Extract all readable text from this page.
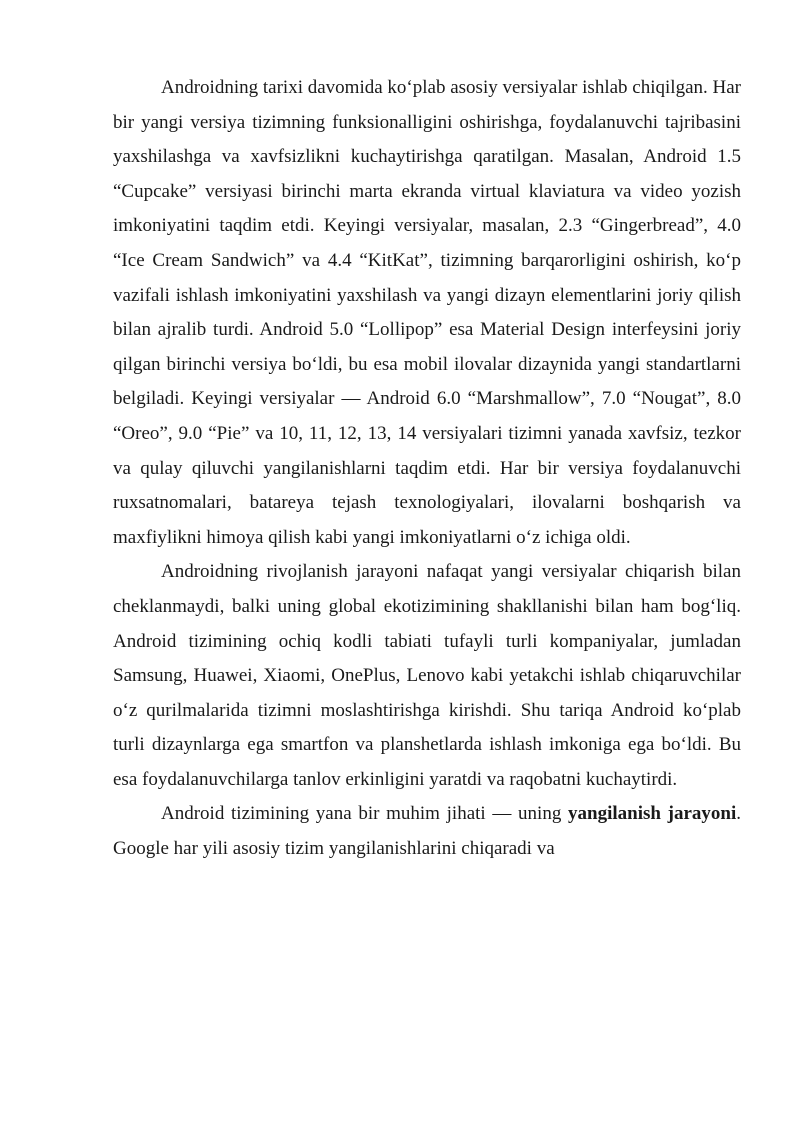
Androidning tarixi davomida ko‘plab asosiy versiyalar ishlab chiqilgan. Har bir yangi versiya tizimning funksionalligini oshirishga, foydalanuvchi tajribasini yaxshilashga va xavfsizlikni kuchaytirishga qaratilgan. Masalan, Android 1.5 “Cupcake” versiyasi birinchi marta ekranda virtual klaviatura va video yozish imkoniyatini taqdim etdi. Keyingi versiyalar, masalan, 2.3 “Gingerbread”, 4.0 “Ice Cream Sandwich” va 4.4 “KitKat”, tizimning barqarorligini oshirish, ko‘p vazifali ishlash imkoniyatini yaxshilash va yangi dizayn elementlarini joriy qilish bilan ajralib turdi. Android 5.0 “Lollipop” esa Material Design interfeysini joriy qilgan birinchi versiya bo‘ldi, bu esa mobil ilovalar dizaynida yangi standartlarni belgiladi. Keyingi versiyalar — Android 6.0 “Marshmallow”, 7.0 “Nougat”, 8.0 “Oreo”, 9.0 “Pie” va 10, 11, 12, 13, 14 versiyalari tizimni yanada xavfsiz, tezkor va qulay qiluvchi yangilanishlarni taqdim etdi. Har bir versiya foydalanuvchi ruxsatnomalari, batareya tejash texnologiyalari, ilovalarni boshqarish va maxfiylikni himoya qilish kabi yangi imkoniyatlarni o‘z ichiga oldi.

Androidning rivojlanish jarayoni nafaqat yangi versiyalar chiqarish bilan cheklanmaydi, balki uning global ekotizimining shakllanishi bilan ham bog‘liq. Android tizimining ochiq kodli tabiati tufayli turli kompaniyalar, jumladan Samsung, Huawei, Xiaomi, OnePlus, Lenovo kabi yetakchi ishlab chiqaruvchilar o‘z qurilmalarida tizimni moslashtirishga kirishdi. Shu tariqa Android ko‘plab turli dizaynlarga ega smartfon va planshetlarda ishlash imkoniga ega bo‘ldi. Bu esa foydalanuvchilarga tanlov erkinligini yaratdi va raqobatni kuchaytirdi.

Android tizimining yana bir muhim jihati — uning yangilanish jarayoni. Google har yili asosiy tizim yangilanishlarini chiqaradi va
